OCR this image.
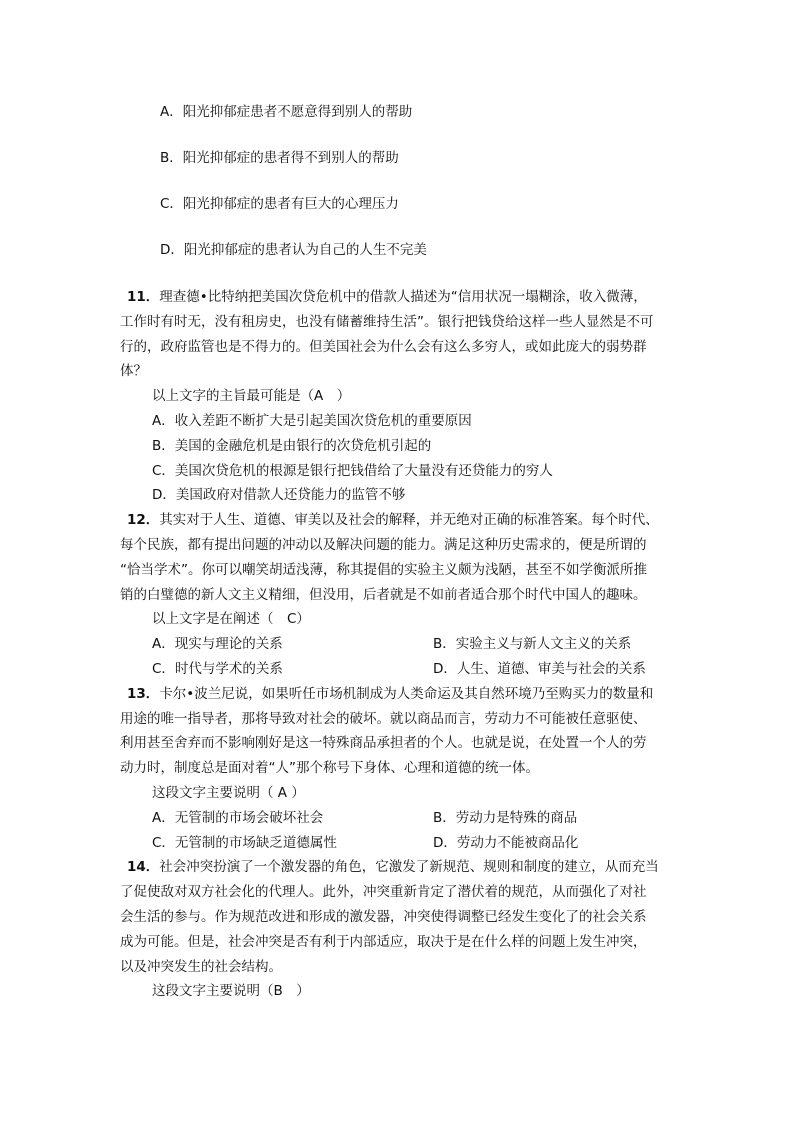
A．阳光抑郁症患者不愿意得到别人的帮助
B．阳光抑郁症的患者得不到别人的帮助
C．阳光抑郁症的患者有巨大的心理压力
D．阳光抑郁症的患者认为自己的人生不完美
11．理查德•比特纳把美国次贷危机中的借款人描述为“信用状况一塌糊涂，收入微薄，
工作时有时无，没有租房史，也没有储蓄维持生活”。银行把钱贷给这样一些人显然是不可
行的，政府监管也是不得力的。但美国社会为什么会有这么多穷人，或如此庞大的弱势群
体？
以上文字的主旨最可能是（A　）
A．收入差距不断扩大是引起美国次贷危机的重要原因
B．美国的金融危机是由银行的次贷危机引起的
C．美国次贷危机的根源是银行把钱借给了大量没有还贷能力的穷人
D．美国政府对借款人还贷能力的监管不够
12．其实对于人生、道德、审美以及社会的解释，并无绝对正确的标准答案。每个时代、
每个民族，都有提出问题的冲动以及解决问题的能力。满足这种历史需求的，便是所谓的
“恰当学术”。你可以嘲笑胡适浅薄，称其提倡的实验主义颇为浅陋，甚至不如学衡派所推
销的白璧德的新人文主义精细，但没用，后者就是不如前者适合那个时代中国人的趣味。
以上文字是在阐述（　C）
A．现实与理论的关系	B．实验主义与新人文主义的关系
C．时代与学术的关系	D．人生、道德、审美与社会的关系
13．卡尔•波兰尼说，如果听任市场机制成为人类命运及其自然环境乃至购买力的数量和
用途的唯一指导者，那将导致对社会的破坏。就以商品而言，劳动力不可能被任意驱使、
利用甚至舍弃而不影响刚好是这一特殊商品承担者的个人。也就是说，在处置一个人的劳
动力时，制度总是面对着“人”那个称号下身体、心理和道德的统一体。
这段文字主要说明（ A ）
A．无管制的市场会破坏社会	B．劳动力是特殊的商品
C．无管制的市场缺乏道德属性	D．劳动力不能被商品化
14．社会冲突扮演了一个激发器的角色，它激发了新规范、规则和制度的建立，从而充当
了促使敌对双方社会化的代理人。此外，冲突重新肯定了潜伏着的规范，从而强化了对社
会生活的参与。作为规范改进和形成的激发器，冲突使得调整已经发生变化了的社会关系
成为可能。但是，社会冲突是否有利于内部适应，取决于是在什么样的问题上发生冲突，
以及冲突发生的社会结构。
这段文字主要说明（B　）
